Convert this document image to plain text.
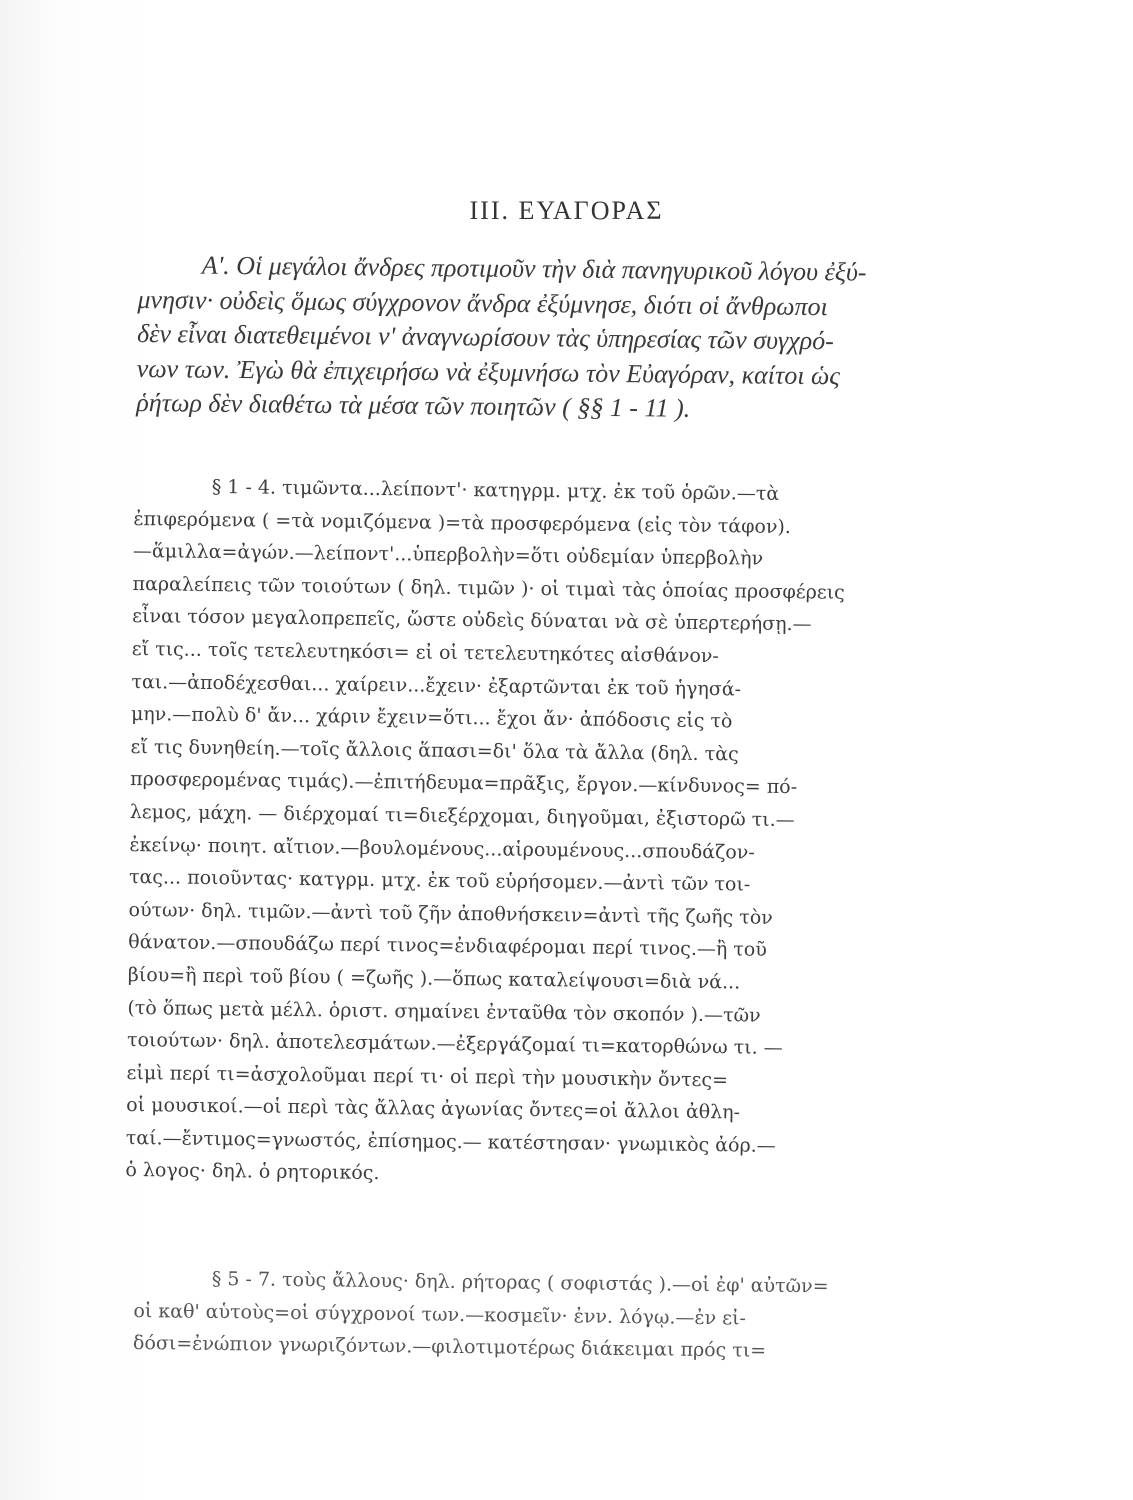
III. ΕΥΑΓΟΡΑΣ
Α'. Οἱ μεγάλοι ἄνδρες προτιμοῦν τὴν διὰ πανηγυρικοῦ λόγου ἐξύ-
μνησιν· οὐδεὶς ὅμως σύγχρονον ἄνδρα ἐξύμνησε, διότι οἱ ἄνθρωποι
δὲν εἶναι διατεθειμένοι ν' ἀναγνωρίσουν τὰς ὑπηρεσίας τῶν συγχρό-
νων των. Ἐγὼ θὰ ἐπιχειρήσω νὰ ἐξυμνήσω τὸν Εὐαγόραν, καίτοι ὡς
ῥήτωρ δὲν διαθέτω τὰ μέσα τῶν ποιητῶν ( §§ 1 - 11 ).
§ 1 - 4. τιμῶντα...λείποντ'· κατηγρμ. μτχ. ἐκ τοῦ ὁρῶν.—τὰ
ἐπιφερόμενα ( =τὰ νομιζόμενα )=τὰ προσφερόμενα (εἰς τὸν τάφον).
—ἅμιλλα=ἀγών.—λείποντ'...ὑπερβολὴν=ὅτι οὐδεμίαν ὑπερβολὴν
παραλείπεις τῶν τοιούτων ( δηλ. τιμῶν )· οἱ τιμαὶ τὰς ὁποίας προσφέρεις
εἶναι τόσον μεγαλοπρεπεῖς, ὥστε οὐδεὶς δύναται νὰ σὲ ὑπερτερήσῃ.—
εἴ τις... τοῖς τετελευτηκόσι= εἰ οἱ τετελευτηκότες αἰσθάνον-
ται.—ἀποδέχεσθαι... χαίρειν...ἔχειν· ἐξαρτῶνται ἐκ τοῦ ἡγησά-
μην.—πολὺ δ' ἄν... χάριν ἔχειν=ὅτι... ἔχοι ἄν· ἀπόδοσις εἰς τὸ
εἴ τις δυνηθείη.—τοῖς ἄλλοις ἅπασι=δι' ὅλα τὰ ἄλλα (δηλ. τὰς
προσφερομένας τιμάς).—ἐπιτήδευμα=πρᾶξις, ἔργον.—κίνδυνος= πό-
λεμος, μάχη. — διέρχομαί τι=διεξέρχομαι, διηγοῦμαι, ἐξιστορῶ τι.—
ἐκείνῳ· ποιητ. αἴτιον.—βουλομένους...αἱρουμένους...σπουδάζον-
τας... ποιοῦντας· κατγρμ. μτχ. ἐκ τοῦ εὑρήσομεν.—ἀντὶ τῶν τοι-
ούτων· δηλ. τιμῶν.—ἀντὶ τοῦ ζῆν ἀποθνήσκειν=ἀντὶ τῆς ζωῆς τὸν
θάνατον.—σπουδάζω περί τινος=ἐνδιαφέρομαι περί τινος.—ἢ τοῦ
βίου=ἢ περὶ τοῦ βίου ( =ζωῆς ).—ὅπως καταλείψουσι=διὰ νά...
(τὸ ὅπως μετὰ μέλλ. ὁριστ. σημαίνει ἐνταῦθα τὸν σκοπόν ).—τῶν
τοιούτων· δηλ. ἀποτελεσμάτων.—ἐξεργάζομαί τι=κατορθώνω τι. —
εἰμὶ περί τι=ἀσχολοῦμαι περί τι· οἱ περὶ τὴν μουσικὴν ὄντες=
οἱ μουσικοί.—οἱ περὶ τὰς ἄλλας ἀγωνίας ὄντες=οἱ ἄλλοι ἀθλη-
ταί.—ἔντιμος=γνωστός, ἐπίσημος.— κατέστησαν· γνωμικὸς ἀόρ.—
ὁ λογος· δηλ. ὁ ρητορικός.
§ 5 - 7. τοὺς ἄλλους· δηλ. ρήτορας ( σοφιστάς ).—οἱ ἐφ' αὐτῶν=
οἱ καθ' αὑτοὺς=οἱ σύγχρονοί των.—κοσμεῖν· ἐνν. λόγῳ.—ἐν εἰ-
δόσι=ἐνώπιον γνωριζόντων.—φιλοτιμοτέρως διάκειμαι πρός τι=
